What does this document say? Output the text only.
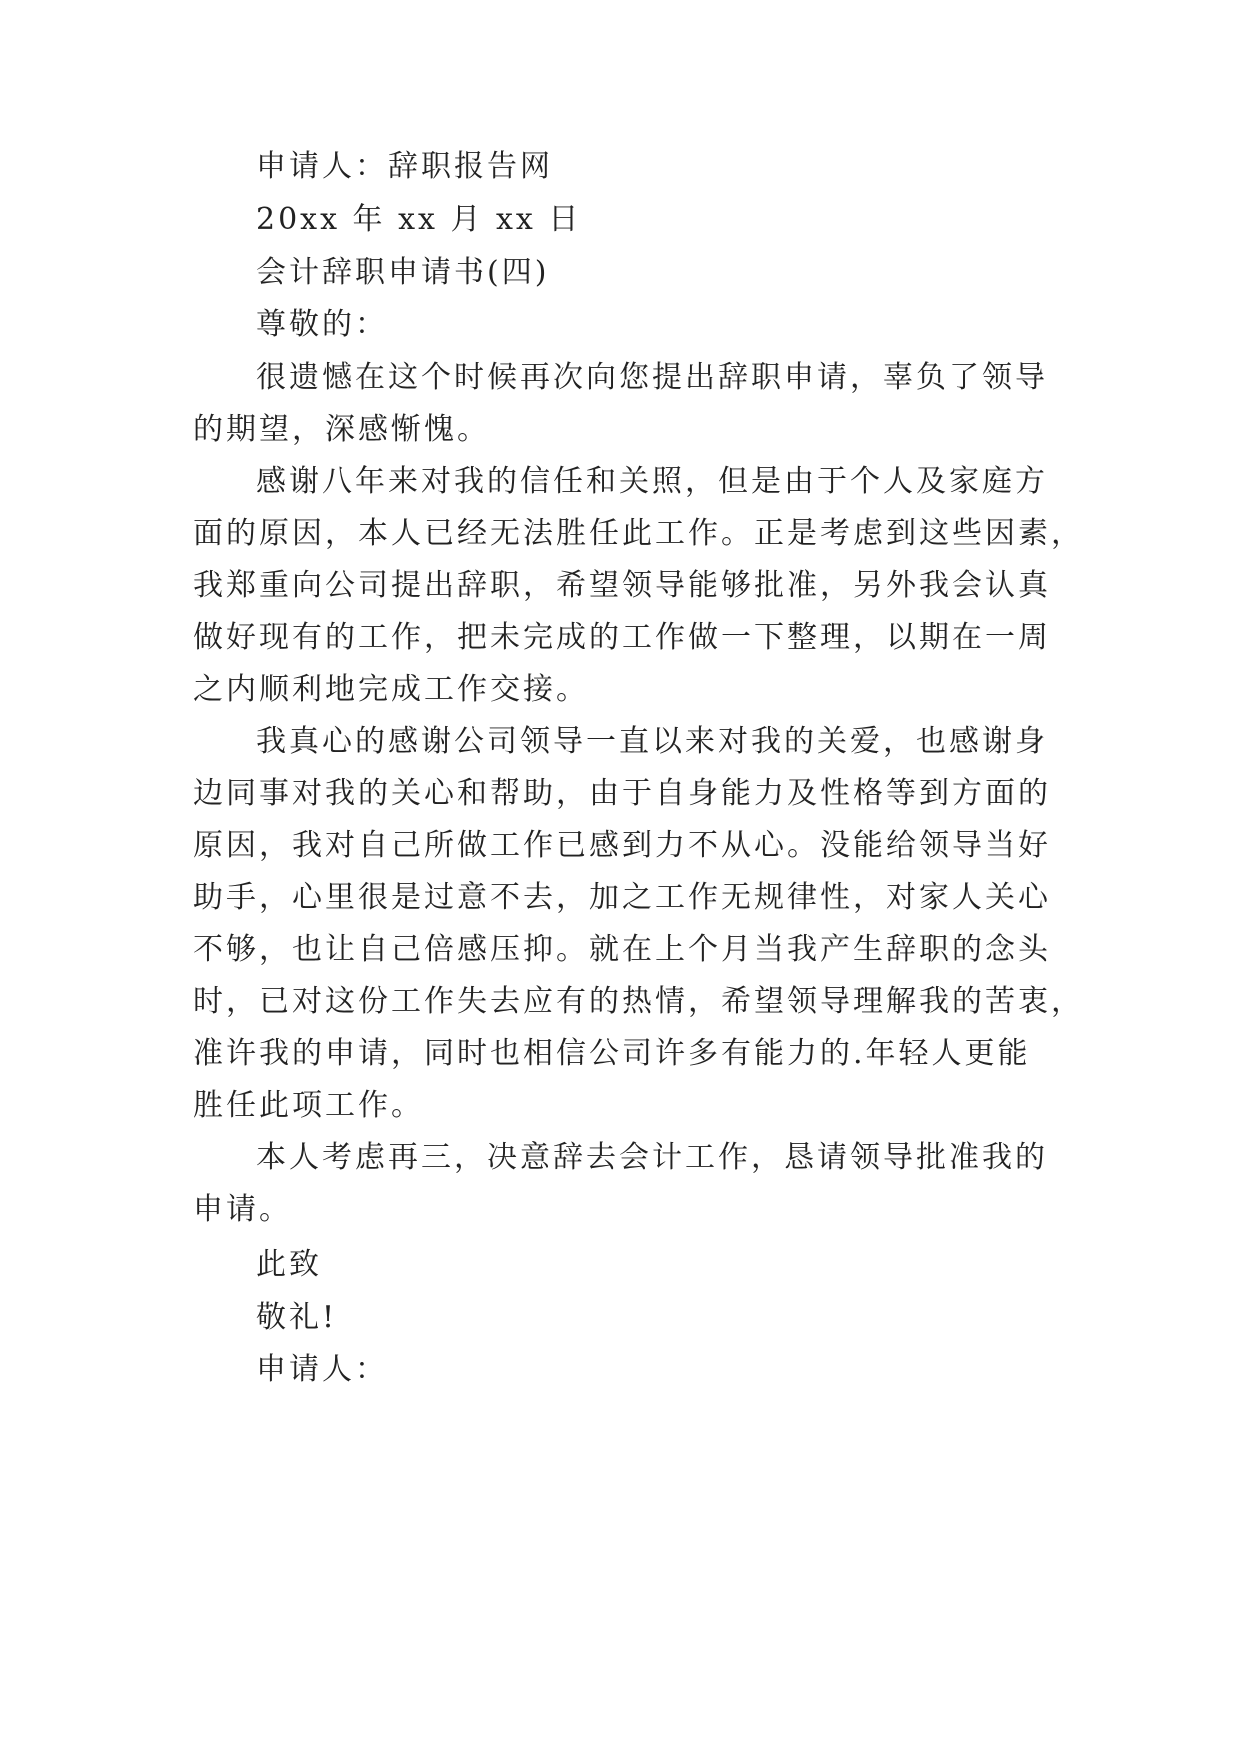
申请人：辞职报告网
20xx 年 xx 月 xx 日
会计辞职申请书(四)
尊敬的：
很遗憾在这个时候再次向您提出辞职申请，辜负了领导
的期望，深感惭愧。
感谢八年来对我的信任和关照，但是由于个人及家庭方
面的原因，本人已经无法胜任此工作。正是考虑到这些因素，
我郑重向公司提出辞职，希望领导能够批准，另外我会认真
做好现有的工作，把未完成的工作做一下整理，以期在一周
之内顺利地完成工作交接。
我真心的感谢公司领导一直以来对我的关爱，也感谢身
边同事对我的关心和帮助，由于自身能力及性格等到方面的
原因，我对自己所做工作已感到力不从心。没能给领导当好
助手，心里很是过意不去，加之工作无规律性，对家人关心
不够，也让自己倍感压抑。就在上个月当我产生辞职的念头
时，已对这份工作失去应有的热情，希望领导理解我的苦衷，
准许我的申请，同时也相信公司许多有能力的.年轻人更能
胜任此项工作。
本人考虑再三，决意辞去会计工作，恳请领导批准我的
申请。
此致
敬礼!
申请人：
